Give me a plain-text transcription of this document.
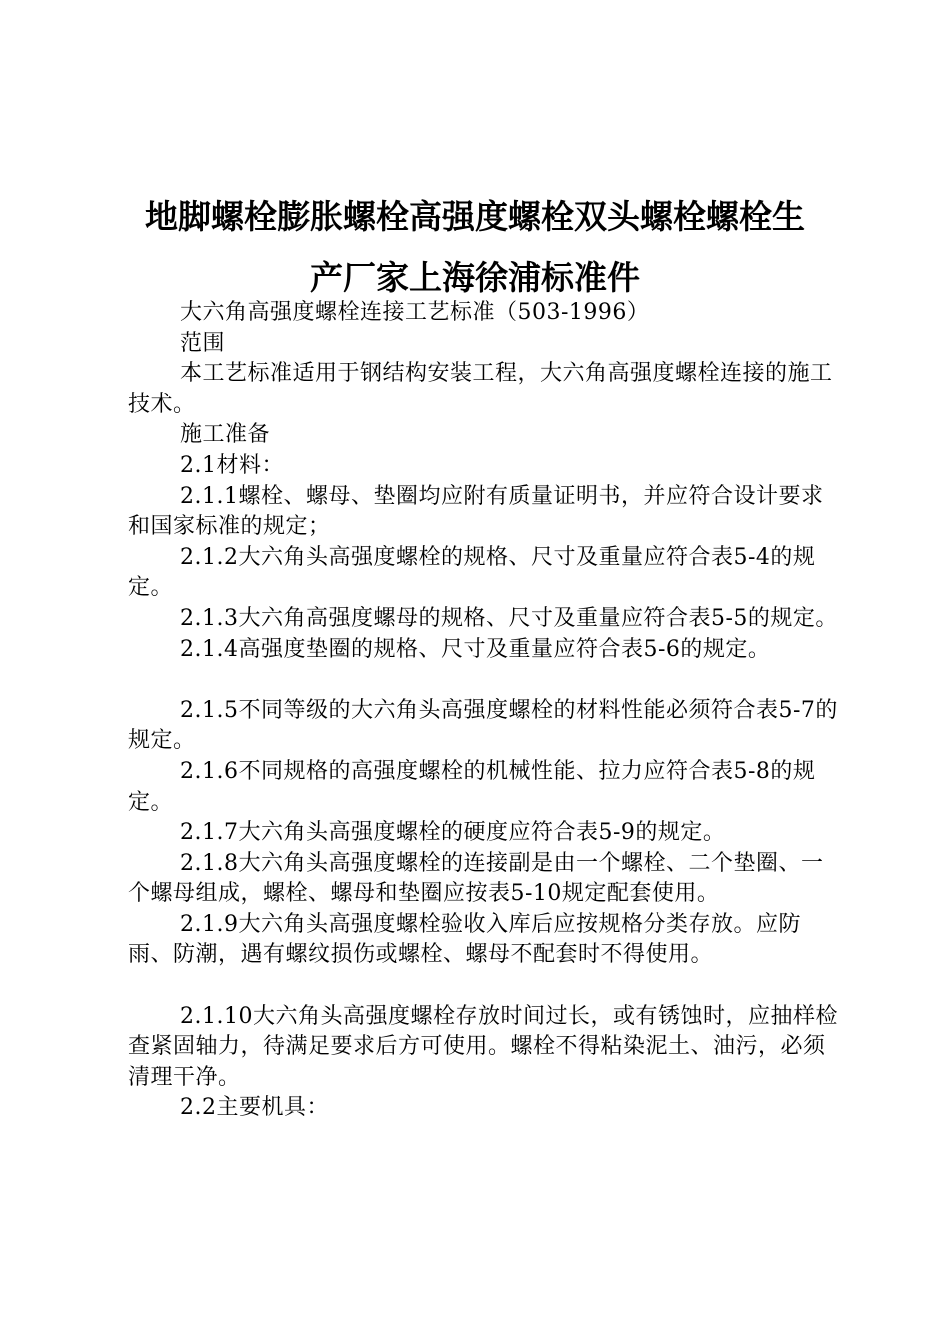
地脚螺栓膨胀螺栓高强度螺栓双头螺栓螺栓生
产厂家上海徐浦标准件

大六角高强度螺栓连接工艺标准（503-1996）

范围

本工艺标准适用于钢结构安装工程，大六角高强度螺栓连接的施工技术。

施工准备

2.1材料：

2.1.1螺栓、螺母、垫圈均应附有质量证明书，并应符合设计要求和国家标准的规定；

2.1.2大六角头高强度螺栓的规格、尺寸及重量应符合表5-4的规定。

2.1.3大六角高强度螺母的规格、尺寸及重量应符合表5-5的规定。

2.1.4高强度垫圈的规格、尺寸及重量应符合表5-6的规定。

2.1.5不同等级的大六角头高强度螺栓的材料性能必须符合表5-7的规定。

2.1.6不同规格的高强度螺栓的机械性能、拉力应符合表5-8的规定。

2.1.7大六角头高强度螺栓的硬度应符合表5-9的规定。

2.1.8大六角头高强度螺栓的连接副是由一个螺栓、二个垫圈、一个螺母组成，螺栓、螺母和垫圈应按表5-10规定配套使用。

2.1.9大六角头高强度螺栓验收入库后应按规格分类存放。应防雨、防潮，遇有螺纹损伤或螺栓、螺母不配套时不得使用。

2.1.10大六角头高强度螺栓存放时间过长，或有锈蚀时，应抽样检查紧固轴力，待满足要求后方可使用。螺栓不得粘染泥土、油污，必须清理干净。

2.2主要机具：
